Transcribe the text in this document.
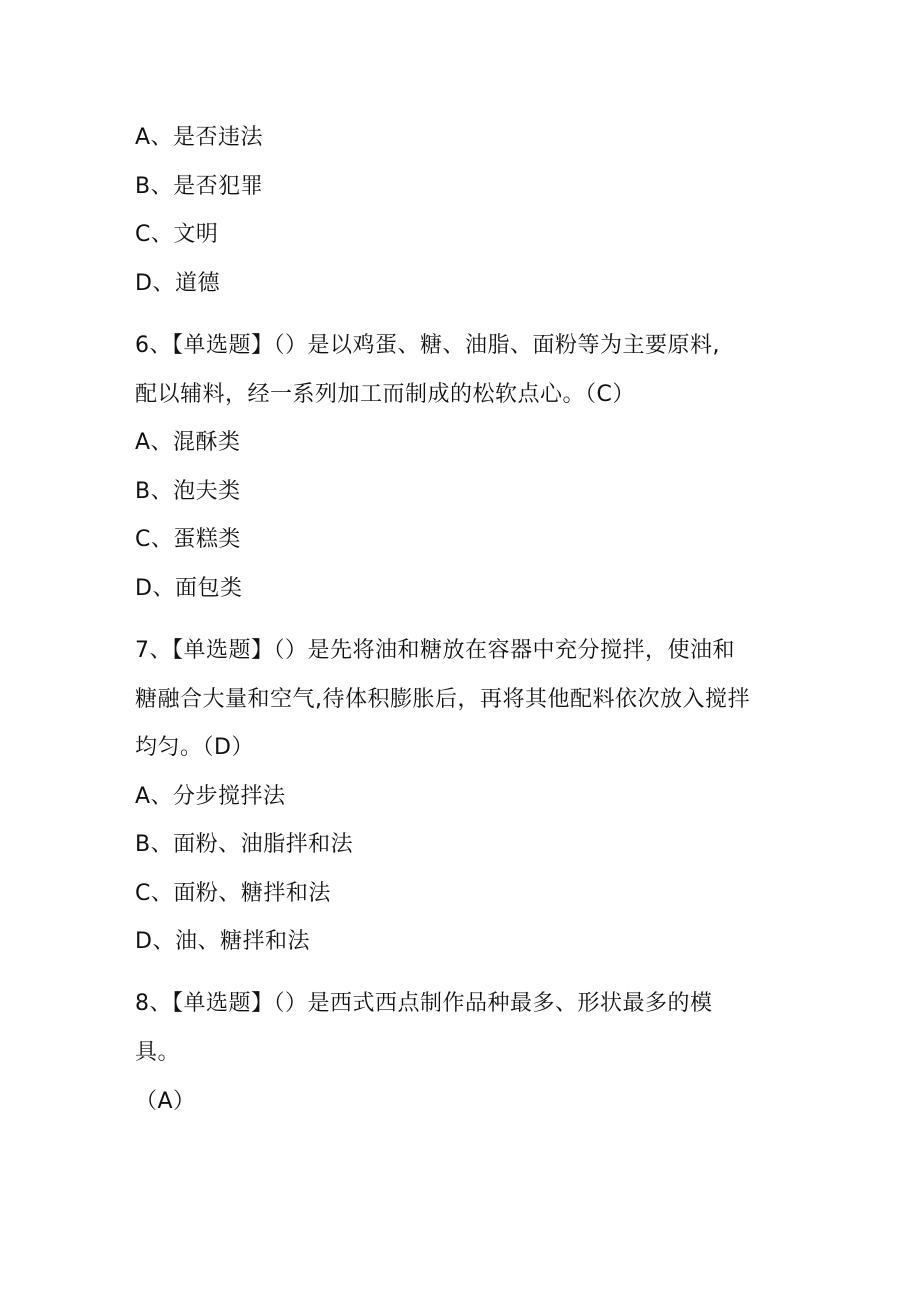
A、是否违法
B、是否犯罪
C、文明
D、道德
6、【单选题】（）是以鸡蛋、糖、油脂、面粉等为主要原料,
配以辅料，经一系列加工而制成的松软点心。（C）
A、混酥类
B、泡夫类
C、蛋糕类
D、面包类
7、【单选题】（）是先将油和糖放在容器中充分搅拌，使油和
糖融合大量和空气,待体积膨胀后，再将其他配料依次放入搅拌
均匀。（D）
A、分步搅拌法
B、面粉、油脂拌和法
C、面粉、糖拌和法
D、油、糖拌和法
8、【单选题】（）是西式西点制作品种最多、形状最多的模
具。
（A）
